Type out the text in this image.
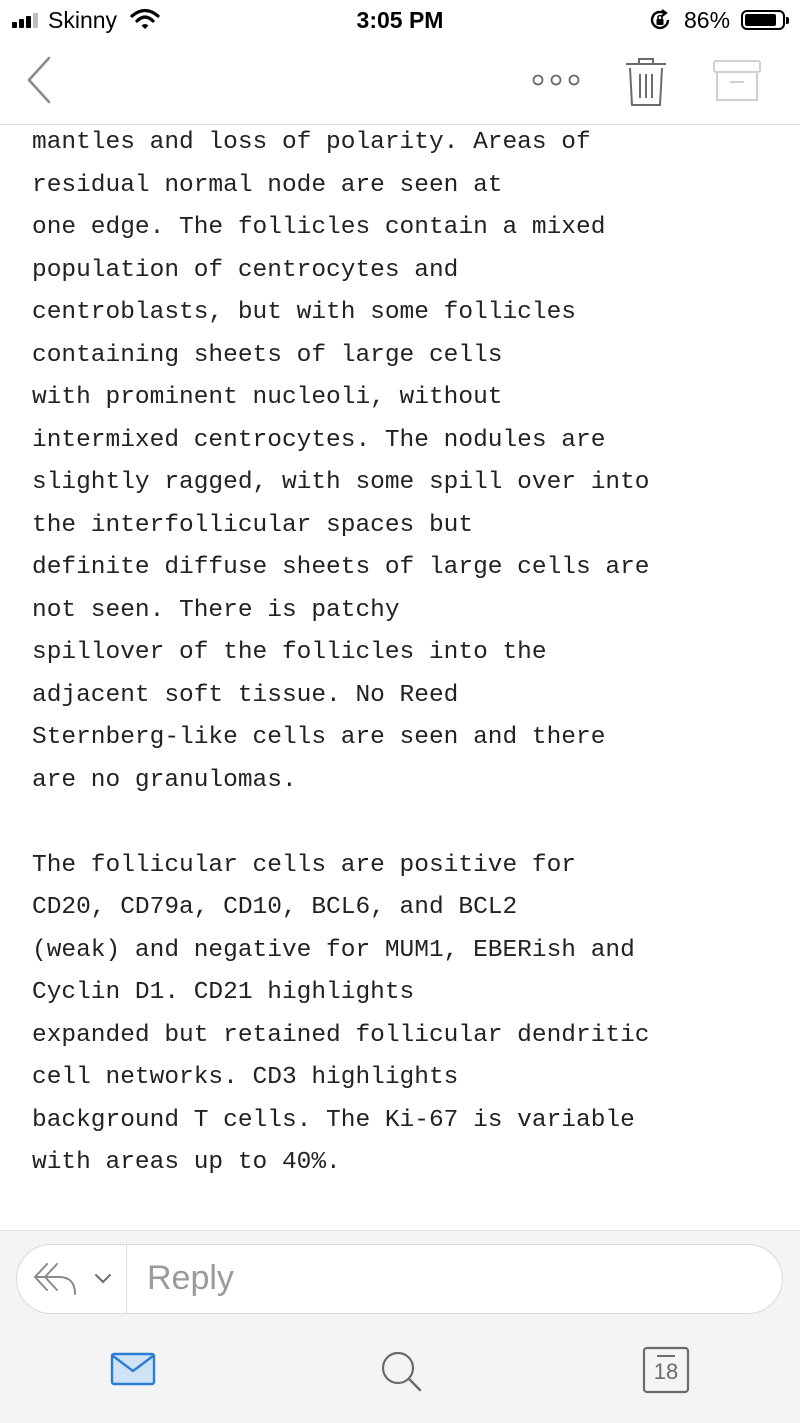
Skinny	3:05 PM	86%
mantles and loss of polarity. Areas of
residual normal node are seen at
one edge. The follicles contain a mixed
population of centrocytes and
centroblasts, but with some follicles
containing sheets of large cells
with prominent nucleoli, without
intermixed centrocytes. The nodules are
slightly ragged, with some spill over into
the interfollicular spaces but
definite diffuse sheets of large cells are
not seen. There is patchy
spillover of the follicles into the
adjacent soft tissue. No Reed
Sternberg-like cells are seen and there
are no granulomas.
The follicular cells are positive for
CD20, CD79a, CD10, BCL6, and BCL2
(weak) and negative for MUM1, EBERish and
Cyclin D1. CD21 highlights
expanded but retained follicular dendritic
cell networks. CD3 highlights
background T cells. The Ki-67 is variable
with areas up to 40%.
Reply
18
